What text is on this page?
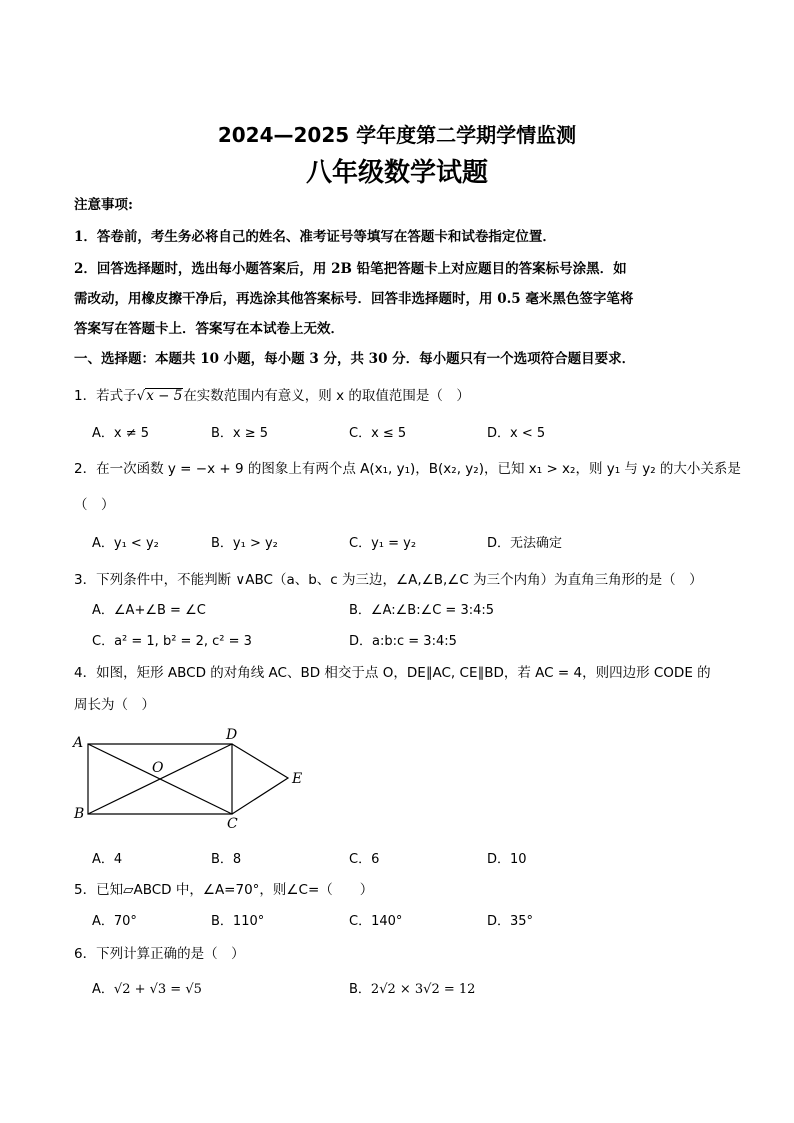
2024—2025 学年度第二学期学情监测
八年级数学试题
注意事项:
1．答卷前，考生务必将自己的姓名、准考证号等填写在答题卡和试卷指定位置．
2．回答选择题时，选出每小题答案后，用 2B 铅笔把答题卡上对应题目的答案标号涂黑．如
需改动，用橡皮擦干净后，再选涂其他答案标号．回答非选择题时，用 0.5 毫米黑色签字笔将
答案写在答题卡上．答案写在本试卷上无效．
一、选择题：本题共 10 小题，每小题 3 分，共 30 分．每小题只有一个选项符合题目要求．
1．若式子√x − 5在实数范围内有意义，则 x 的取值范围是（　）
A．x ≠ 5	B．x ≥ 5	C．x ≤ 5	D．x < 5
2．在一次函数 y = −x + 9 的图象上有两个点 A(x₁, y₁)，B(x₂, y₂)，已知 x₁ > x₂，则 y₁ 与 y₂ 的大小关系是
（　）
A．y₁ < y₂	B．y₁ > y₂	C．y₁ = y₂	D．无法确定
3．下列条件中，不能判断 ∨ABC（a、b、c 为三边，∠A,∠B,∠C 为三个内角）为直角三角形的是（　）
A．∠A+∠B = ∠C	B．∠A:∠B:∠C = 3:4:5
C．a² = 1, b² = 2, c² = 3	D．a:b:c = 3:4:5
4．如图，矩形 ABCD 的对角线 AC、BD 相交于点 O，DE∥AC, CE∥BD，若 AC = 4，则四边形 CODE 的
周长为（　）
A	D
O
E
B
C
A．4	B．8	C．6	D．10
5．已知▱ABCD 中，∠A=70°，则∠C=（　　）
A．70°	B．110°	C．140°	D．35°
6．下列计算正确的是（　）
A．√2 + √3 = √5	B．2√2 × 3√2 = 12
